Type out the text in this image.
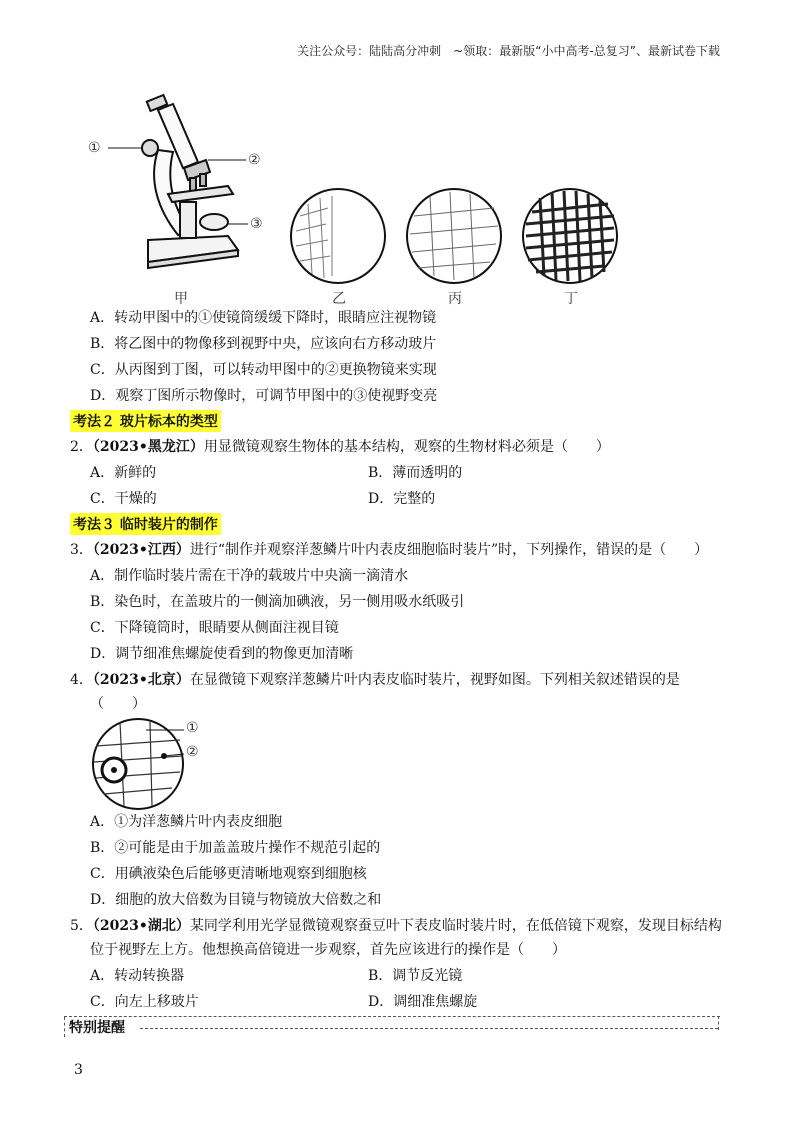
关注公众号：陆陆高分冲刺　~领取：最新版“小中高考-总复习”、最新试卷下载
①
②
③
甲	乙	丙	丁
A．转动甲图中的①使镜筒缓缓下降时，眼睛应注视物镜
B．将乙图中的物像移到视野中央，应该向右方移动玻片
C．从丙图到丁图，可以转动甲图中的②更换物镜来实现
D．观察丁图所示物像时，可调节甲图中的③使视野变亮
考法２ 玻片标本的类型
2．（2023•黑龙江）用显微镜观察生物体的基本结构，观察的生物材料必须是（　　）
A．新鲜的	B．薄而透明的
C．干燥的	D．完整的
考法３ 临时装片的制作
3．（2023•江西）进行“制作并观察洋葱鳞片叶内表皮细胞临时装片”时，下列操作，错误的是（　　）
A．制作临时装片需在干净的载玻片中央滴一滴清水
B．染色时，在盖玻片的一侧滴加碘液，另一侧用吸水纸吸引
C．下降镜筒时，眼睛要从侧面注视目镜
D．调节细准焦螺旋使看到的物像更加清晰
4．（2023•北京）在显微镜下观察洋葱鳞片叶内表皮临时装片，视野如图。下列相关叙述错误的是
（　　）
①
②
A．①为洋葱鳞片叶内表皮细胞
B．②可能是由于加盖盖玻片操作不规范引起的
C．用碘液染色后能够更清晰地观察到细胞核
D．细胞的放大倍数为目镜与物镜放大倍数之和
5．（2023•湖北）某同学利用光学显微镜观察蚕豆叶下表皮临时装片时，在低倍镜下观察，发现目标结构
位于视野左上方。他想换高倍镜进一步观察，首先应该进行的操作是（　　）
A．转动转换器	B．调节反光镜
C．向左上移玻片	D．调细准焦螺旋
特别提醒
3
